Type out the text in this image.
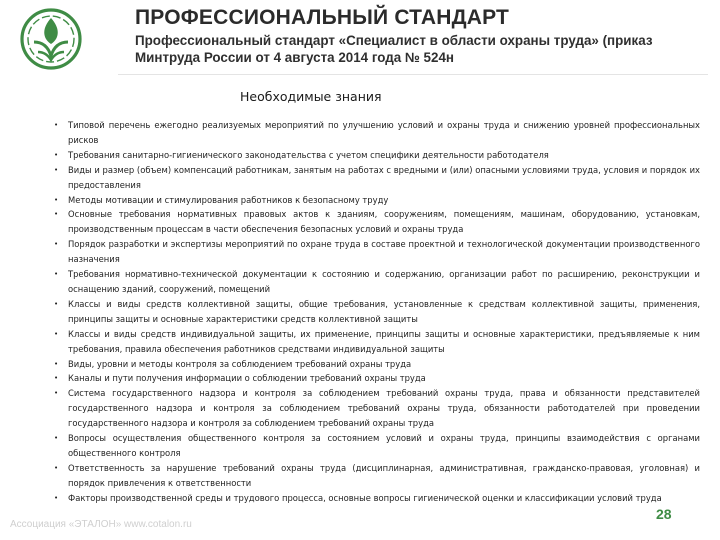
ПРОФЕССИОНАЛЬНЫЙ СТАНДАРТ
Профессиональный стандарт «Специалист в области охраны труда» (приказ Минтруда России от 4 августа 2014 года № 524н
Необходимые знания
• Типовой перечень ежегодно реализуемых мероприятий по улучшению условий и охраны труда и снижению уровней профессиональных рисков
• Требования санитарно-гигиенического законодательства с учетом специфики деятельности работодателя
• Виды и размер (объем) компенсаций работникам, занятым на работах с вредными и (или) опасными условиями труда, условия и порядок их предоставления
• Методы мотивации и стимулирования работников к безопасному труду
• Основные требования нормативных правовых актов к зданиям, сооружениям, помещениям, машинам, оборудованию, установкам, производственным процессам в части обеспечения безопасных условий и охраны труда
• Порядок разработки и экспертизы мероприятий по охране труда в составе проектной и технологической документации производственного назначения
• Требования нормативно-технической документации к состоянию и содержанию, организации работ по расширению, реконструкции и оснащению зданий, сооружений, помещений
• Классы и виды средств коллективной защиты, общие требования, установленные к средствам коллективной защиты, применения, принципы защиты и основные характеристики средств коллективной защиты
• Классы и виды средств индивидуальной защиты, их применение, принципы защиты и основные характеристики, предъявляемые к ним требования, правила обеспечения работников средствами индивидуальной защиты
• Виды, уровни и методы контроля за соблюдением требований охраны труда
• Каналы и пути получения информации о соблюдении требований охраны труда
• Система государственного надзора и контроля за соблюдением требований охраны труда, права и обязанности представителей государственного надзора и контроля за соблюдением требований охраны труда, обязанности работодателей при проведении государственного надзора и контроля за соблюдением требований охраны труда
• Вопросы осуществления общественного контроля за состоянием условий и охраны труда, принципы взаимодействия с органами общественного контроля
• Ответственность за нарушение требований охраны труда (дисциплинарная, административная, гражданско-правовая, уголовная) и порядок привлечения к ответственности
• Факторы производственной среды и трудового процесса, основные вопросы гигиенической оценки и классификации условий труда
Ассоциация «ЭТАЛОН» www.cotalon.ru
28
